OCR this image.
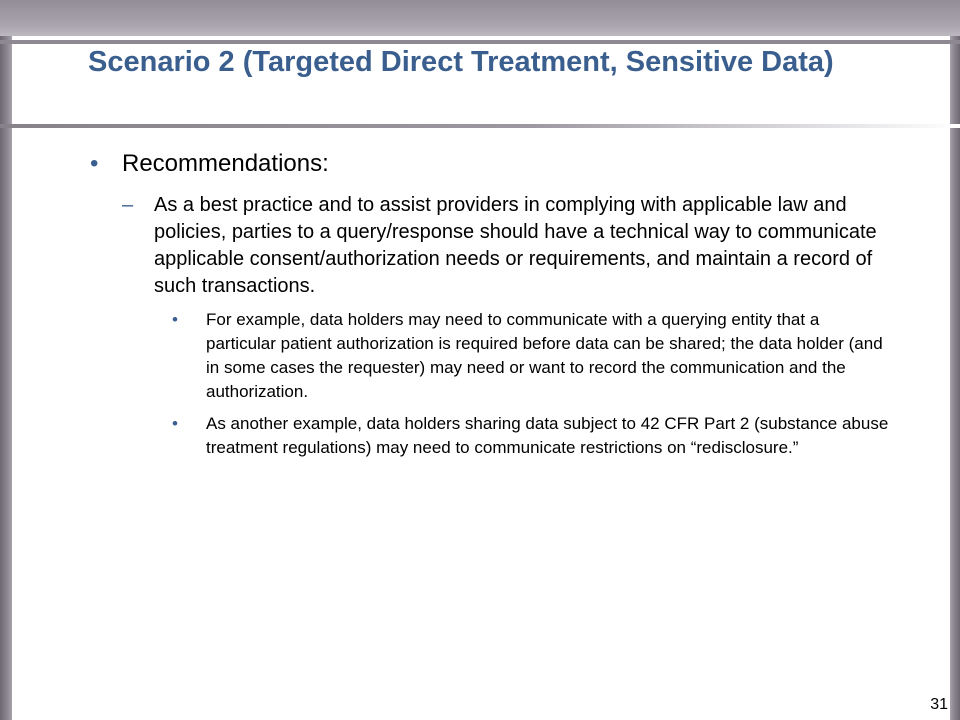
Scenario 2 (Targeted Direct Treatment, Sensitive Data)
• Recommendations:
– As a best practice and to assist providers in complying with applicable law and policies, parties to a query/response should have a technical way to communicate applicable consent/authorization needs or requirements, and maintain a record of such transactions.
• For example, data holders may need to communicate with a querying entity that a particular patient authorization is required before data can be shared; the data holder (and in some cases the requester) may need or want to record the communication and the authorization.
• As another example, data holders sharing data subject to 42 CFR Part 2 (substance abuse treatment regulations) may need to communicate restrictions on “redisclosure.”
31
